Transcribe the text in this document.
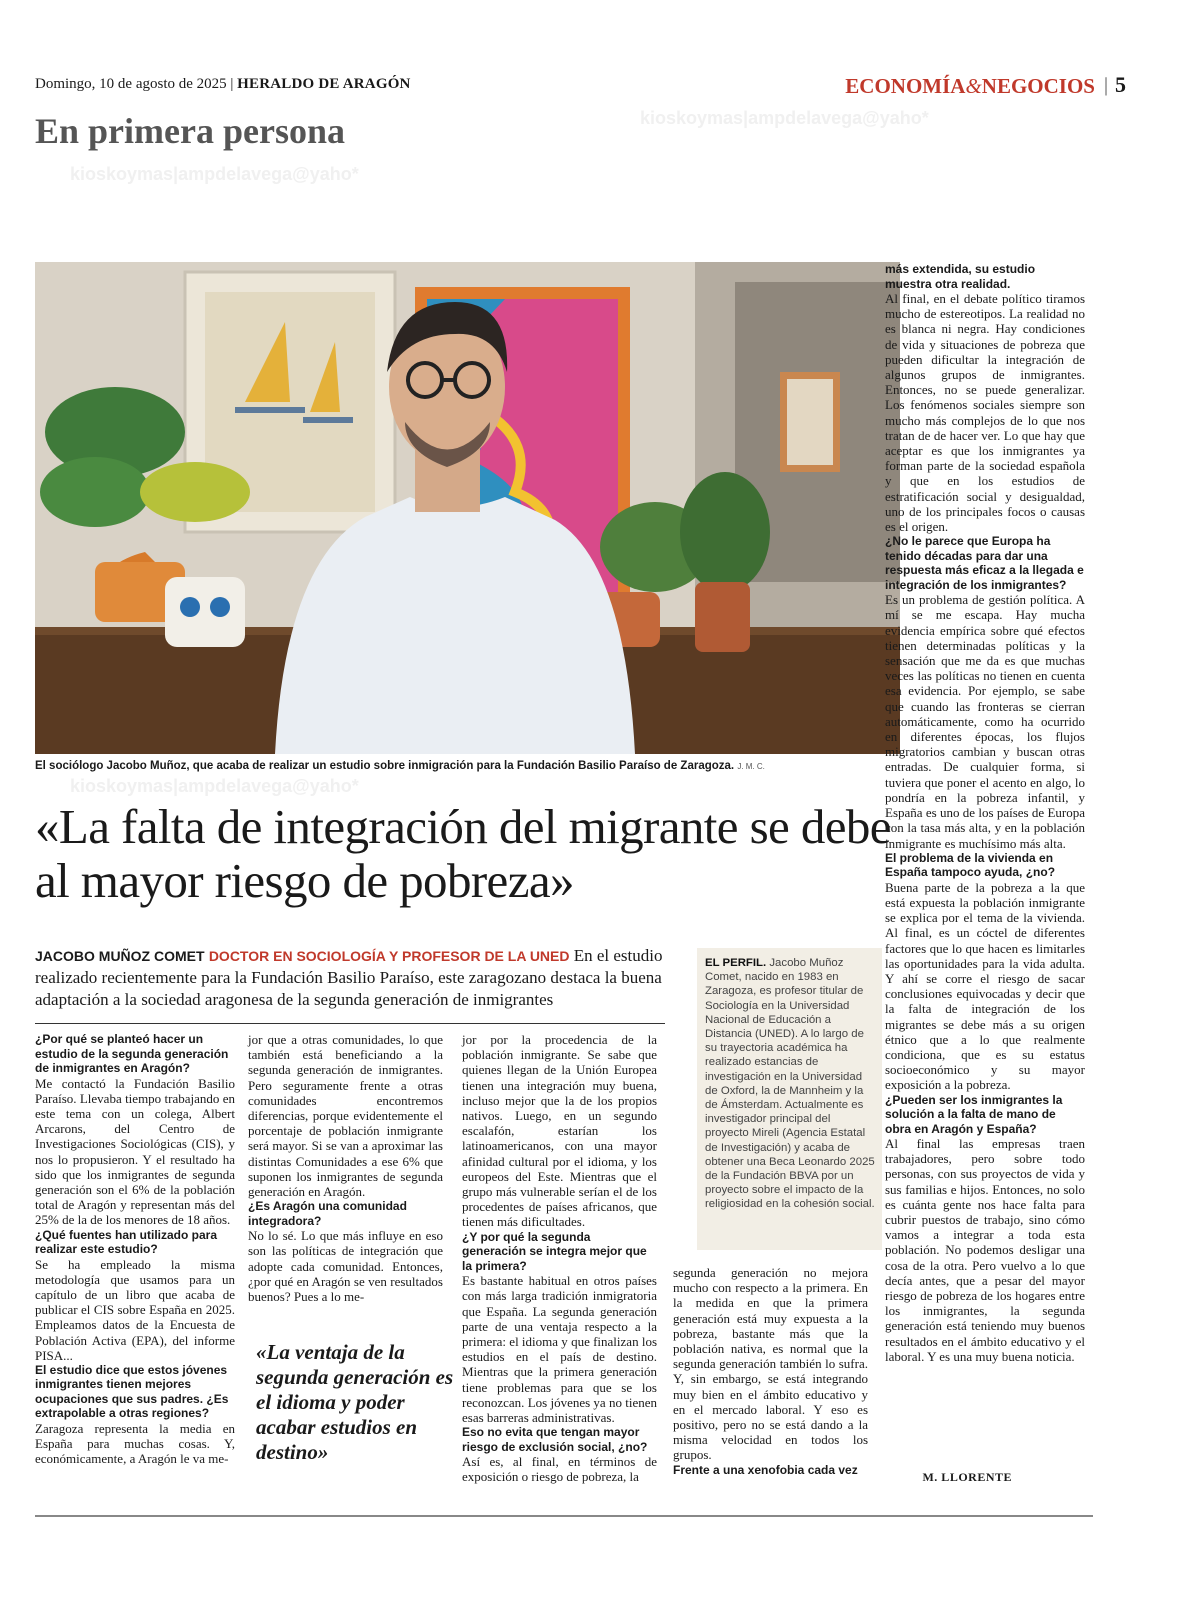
Domingo, 10 de agosto de 2025 | HERALDO DE ARAGÓN	ECONOMÍA&NEGOCIOS | 5
En primera persona	kioskoymas|ampdelavega@yaho*
kioskoymas|ampdelavega@yaho*
El sociólogo Jacobo Muñoz, que acaba de realizar un estudio sobre inmigración para la Fundación Basilio Paraíso de Zaragoza. J. M. C.
kioskoymas|ampdelavega@yaho*
«La falta de integración del migrante se debe al mayor riesgo de pobreza»
JACOBO MUÑOZ COMET DOCTOR EN SOCIOLOGÍA Y PROFESOR DE LA UNED En el estudio realizado recientemente para la Fundación Basilio Paraíso, este zaragozano destaca la buena adaptación a la sociedad aragonesa de la segunda generación de inmigrantes

¿Por qué se planteó hacer un estudio de la segunda generación de inmigrantes en Aragón?

Me contactó la Fundación Basilio Paraíso. Llevaba tiempo trabajando en este tema con un colega, Albert Arcarons, del Centro de Investigaciones Sociológicas (CIS), y nos lo propusieron. Y el resultado ha sido que los inmigrantes de segunda generación son el 6% de la población total de Aragón y representan más del 25% de la de los menores de 18 años.

¿Qué fuentes han utilizado para realizar este estudio?

Se ha empleado la misma metodología que usamos para un capítulo de un libro que acaba de publicar el CIS sobre España en 2025. Empleamos datos de la Encuesta de Población Activa (EPA), del informe PISA...

El estudio dice que estos jóvenes inmigrantes tienen mejores ocupaciones que sus padres. ¿Es extrapolable a otras regiones?

Zaragoza representa la media en España para muchas cosas. Y, económicamente, a Aragón le va me-

jor que a otras comunidades, lo que también está beneficiando a la segunda generación de inmigrantes. Pero seguramente frente a otras comunidades encontremos diferencias, porque evidentemente el porcentaje de población inmigrante será mayor. Si se van a aproximar las distintas Comunidades a ese 6% que suponen los inmigrantes de segunda generación en Aragón.

¿Es Aragón una comunidad integradora?

No lo sé. Lo que más influye en eso son las políticas de integración que adopte cada comunidad. Entonces, ¿por qué en Aragón se ven resultados buenos? Pues a lo me-

«La ventaja de la segunda generación es el idioma y poder acabar estudios en destino»

jor por la procedencia de la población inmigrante. Se sabe que quienes llegan de la Unión Europea tienen una integración muy buena, incluso mejor que la de los propios nativos. Luego, en un segundo escalafón, estarían los latinoamericanos, con una mayor afinidad cultural por el idioma, y los europeos del Este. Mientras que el grupo más vulnerable serían el de los procedentes de países africanos, que tienen más dificultades.

¿Y por qué la segunda generación se integra mejor que la primera?

Es bastante habitual en otros países con más larga tradición inmigratoria que España. La segunda generación parte de una ventaja respecto a la primera: el idioma y que finalizan los estudios en el país de destino. Mientras que la primera generación tiene problemas para que se los reconozcan. Los jóvenes ya no tienen esas barreras administrativas.

Eso no evita que tengan mayor riesgo de exclusión social, ¿no?

Así es, al final, en términos de exposición o riesgo de pobreza, la

EL PERFIL. Jacobo Muñoz Comet, nacido en 1983 en Zaragoza, es profesor titular de Sociología en la Universidad Nacional de Educación a Distancia (UNED). A lo largo de su trayectoria académica ha realizado estancias de investigación en la Universidad de Oxford, la de Mannheim y la de Ámsterdam. Actualmente es investigador principal del proyecto Mireli (Agencia Estatal de Investigación) y acaba de obtener una Beca Leonardo 2025 de la Fundación BBVA por un proyecto sobre el impacto de la religiosidad en la cohesión social.

segunda generación no mejora mucho con respecto a la primera. En la medida en que la primera generación está muy expuesta a la pobreza, bastante más que la población nativa, es normal que la segunda generación también lo sufra. Y, sin embargo, se está integrando muy bien en el ámbito educativo y en el mercado laboral. Y eso es positivo, pero no se está dando a la misma velocidad en todos los grupos.

Frente a una xenofobia cada vez

más extendida, su estudio muestra otra realidad.

Al final, en el debate político tiramos mucho de estereotipos. La realidad no es blanca ni negra. Hay condiciones de vida y situaciones de pobreza que pueden dificultar la integración de algunos grupos de inmigrantes. Entonces, no se puede generalizar. Los fenómenos sociales siempre son mucho más complejos de lo que nos tratan de de hacer ver. Lo que hay que aceptar es que los inmigrantes ya forman parte de la sociedad española y que en los estudios de estratificación social y desigualdad, uno de los principales focos o causas es el origen.

¿No le parece que Europa ha tenido décadas para dar una respuesta más eficaz a la llegada e integración de los inmigrantes?

Es un problema de gestión política. A mí se me escapa. Hay mucha evidencia empírica sobre qué efectos tienen determinadas políticas y la sensación que me da es que muchas veces las políticas no tienen en cuenta esa evidencia. Por ejemplo, se sabe que cuando las fronteras se cierran automáticamente, como ha ocurrido en diferentes épocas, los flujos migratorios cambian y buscan otras entradas. De cualquier forma, si tuviera que poner el acento en algo, lo pondría en la pobreza infantil, y España es uno de los países de Europa con la tasa más alta, y en la población inmigrante es muchísimo más alta.

El problema de la vivienda en España tampoco ayuda, ¿no?

Buena parte de la pobreza a la que está expuesta la población inmigrante se explica por el tema de la vivienda. Al final, es un cóctel de diferentes factores que lo que hacen es limitarles las oportunidades para la vida adulta. Y ahí se corre el riesgo de sacar conclusiones equivocadas y decir que la falta de integración de los migrantes se debe más a su origen étnico que a lo que realmente condiciona, que es su estatus socioeconómico y su mayor exposición a la pobreza.

¿Pueden ser los inmigrantes la solución a la falta de mano de obra en Aragón y España?

Al final las empresas traen trabajadores, pero sobre todo personas, con sus proyectos de vida y sus familias e hijos. Entonces, no solo es cuánta gente nos hace falta para cubrir puestos de trabajo, sino cómo vamos a integrar a toda esta población. No podemos desligar una cosa de la otra. Pero vuelvo a lo que decía antes, que a pesar del mayor riesgo de pobreza de los hogares entre los inmigrantes, la segunda generación está teniendo muy buenos resultados en el ámbito educativo y el laboral. Y es una muy buena noticia.

M. LLORENTE
